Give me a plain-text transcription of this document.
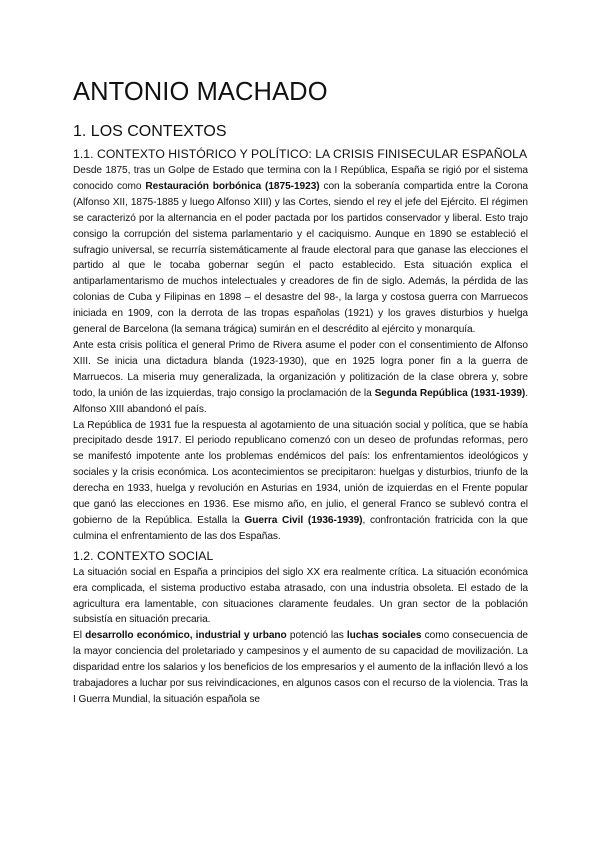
ANTONIO MACHADO
1. LOS CONTEXTOS
1.1. CONTEXTO HISTÓRICO Y POLÍTICO: LA CRISIS FINISECULAR ESPAÑOLA

Desde 1875, tras un Golpe de Estado que termina con la I República, España se rigió por el sistema conocido como Restauración borbónica (1875-1923) con la soberanía compartida entre la Corona (Alfonso XII, 1875-1885 y luego Alfonso XIII) y las Cortes, siendo el rey el jefe del Ejército. El régimen se caracterizó por la alternancia en el poder pactada por los partidos conservador y liberal. Esto trajo consigo la corrupción del sistema parlamentario y el caciquismo. Aunque en 1890 se estableció el sufragio universal, se recurría sistemáticamente al fraude electoral para que ganase las elecciones el partido al que le tocaba gobernar según el pacto establecido. Esta situación explica el antiparlamentarismo de muchos intelectuales y creadores de fin de siglo. Además, la pérdida de las colonias de Cuba y Filipinas en 1898 – el desastre del 98-, la larga y costosa guerra con Marruecos iniciada en 1909, con la derrota de las tropas españolas (1921) y los graves disturbios y huelga general de Barcelona (la semana trágica) sumirán en el descrédito al ejército y monarquía.

Ante esta crisis política el general Primo de Rivera asume el poder con el consentimiento de Alfonso XIII. Se inicia una dictadura blanda (1923-1930), que en 1925 logra poner fin a la guerra de Marruecos. La miseria muy generalizada, la organización y politización de la clase obrera y, sobre todo, la unión de las izquierdas, trajo consigo la proclamación de la Segunda República (1931-1939). Alfonso XIII abandonó el país.

La República de 1931 fue la respuesta al agotamiento de una situación social y política, que se había precipitado desde 1917. El periodo republicano comenzó con un deseo de profundas reformas, pero se manifestó impotente ante los problemas endémicos del país: los enfrentamientos ideológicos y sociales y la crisis económica. Los acontecimientos se precipitaron: huelgas y disturbios, triunfo de la derecha en 1933, huelga y revolución en Asturias en 1934, unión de izquierdas en el Frente popular que ganó las elecciones en 1936. Ese mismo año, en julio, el general Franco se sublevó contra el gobierno de la República. Estalla la Guerra Civil (1936-1939), confrontación fratricida con la que culmina el enfrentamiento de las dos Españas.

1.2. CONTEXTO SOCIAL

La situación social en España a principios del siglo XX era realmente crítica. La situación económica era complicada, el sistema productivo estaba atrasado, con una industria obsoleta. El estado de la agricultura era lamentable, con situaciones claramente feudales. Un gran sector de la población subsistía en situación precaria.

El desarrollo económico, industrial y urbano potenció las luchas sociales como consecuencia de la mayor conciencia del proletariado y campesinos y el aumento de su capacidad de movilización. La disparidad entre los salarios y los beneficios de los empresarios y el aumento de la inflación llevó a los trabajadores a luchar por sus reivindicaciones, en algunos casos con el recurso de la violencia. Tras la I Guerra Mundial, la situación española se
